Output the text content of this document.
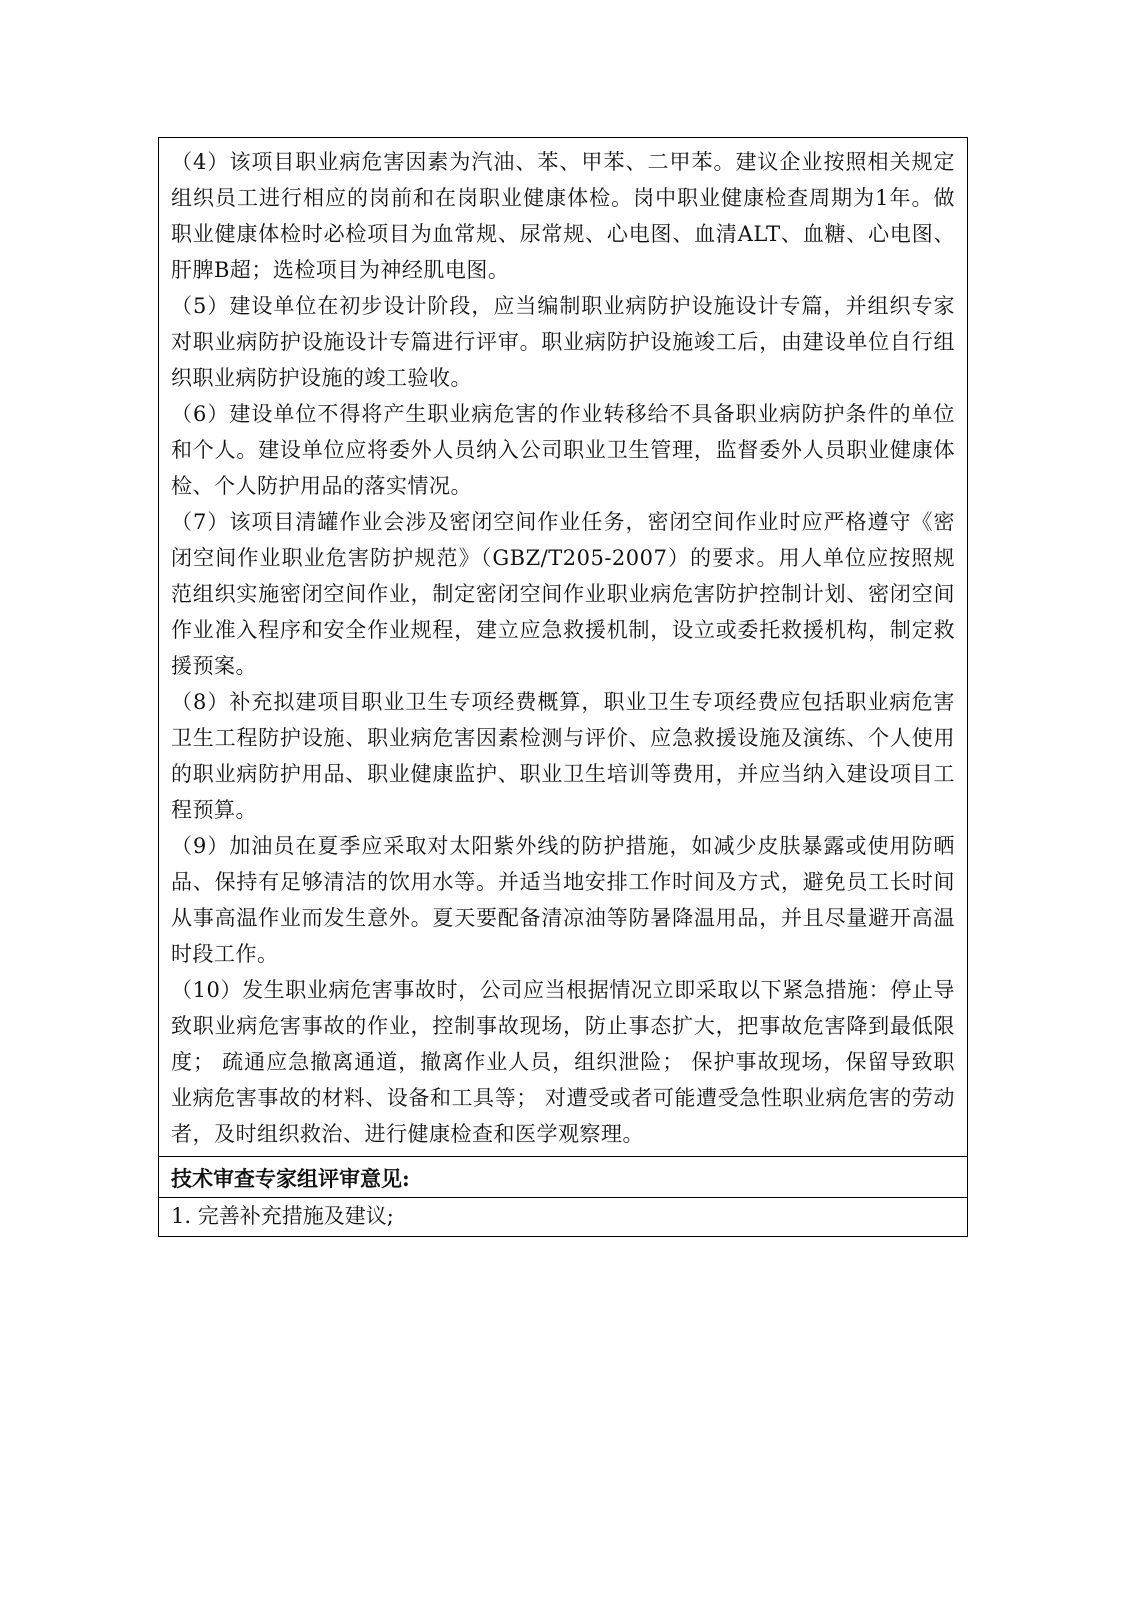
（4）该项目职业病危害因素为汽油、苯、甲苯、二甲苯。建议企业按照相关规定组织员工进行相应的岗前和在岗职业健康体检。岗中职业健康检查周期为1年。做职业健康体检时必检项目为血常规、尿常规、心电图、血清ALT、血糖、心电图、肝脾B超；选检项目为神经肌电图。

（5）建设单位在初步设计阶段，应当编制职业病防护设施设计专篇，并组织专家对职业病防护设施设计专篇进行评审。职业病防护设施竣工后，由建设单位自行组织职业病防护设施的竣工验收。

（6）建设单位不得将产生职业病危害的作业转移给不具备职业病防护条件的单位和个人。建设单位应将委外人员纳入公司职业卫生管理，监督委外人员职业健康体检、个人防护用品的落实情况。

（7）该项目清罐作业会涉及密闭空间作业任务，密闭空间作业时应严格遵守《密闭空间作业职业危害防护规范》（GBZ/T205-2007）的要求。用人单位应按照规范组织实施密闭空间作业，制定密闭空间作业职业病危害防护控制计划、密闭空间作业准入程序和安全作业规程，建立应急救援机制，设立或委托救援机构，制定救援预案。

（8）补充拟建项目职业卫生专项经费概算，职业卫生专项经费应包括职业病危害卫生工程防护设施、职业病危害因素检测与评价、应急救援设施及演练、个人使用的职业病防护用品、职业健康监护、职业卫生培训等费用，并应当纳入建设项目工程预算。

（9）加油员在夏季应采取对太阳紫外线的防护措施，如减少皮肤暴露或使用防晒品、保持有足够清洁的饮用水等。并适当地安排工作时间及方式，避免员工长时间从事高温作业而发生意外。夏天要配备清凉油等防暑降温用品，并且尽量避开高温时段工作。

（10）发生职业病危害事故时，公司应当根据情况立即采取以下紧急措施：停止导致职业病危害事故的作业，控制事故现场，防止事态扩大，把事故危害降到最低限度； 疏通应急撤离通道，撤离作业人员，组织泄险； 保护事故现场，保留导致职业病危害事故的材料、设备和工具等； 对遭受或者可能遭受急性职业病危害的劳动者，及时组织救治、进行健康检查和医学观察理。

技术审查专家组评审意见:

1. 完善补充措施及建议;
